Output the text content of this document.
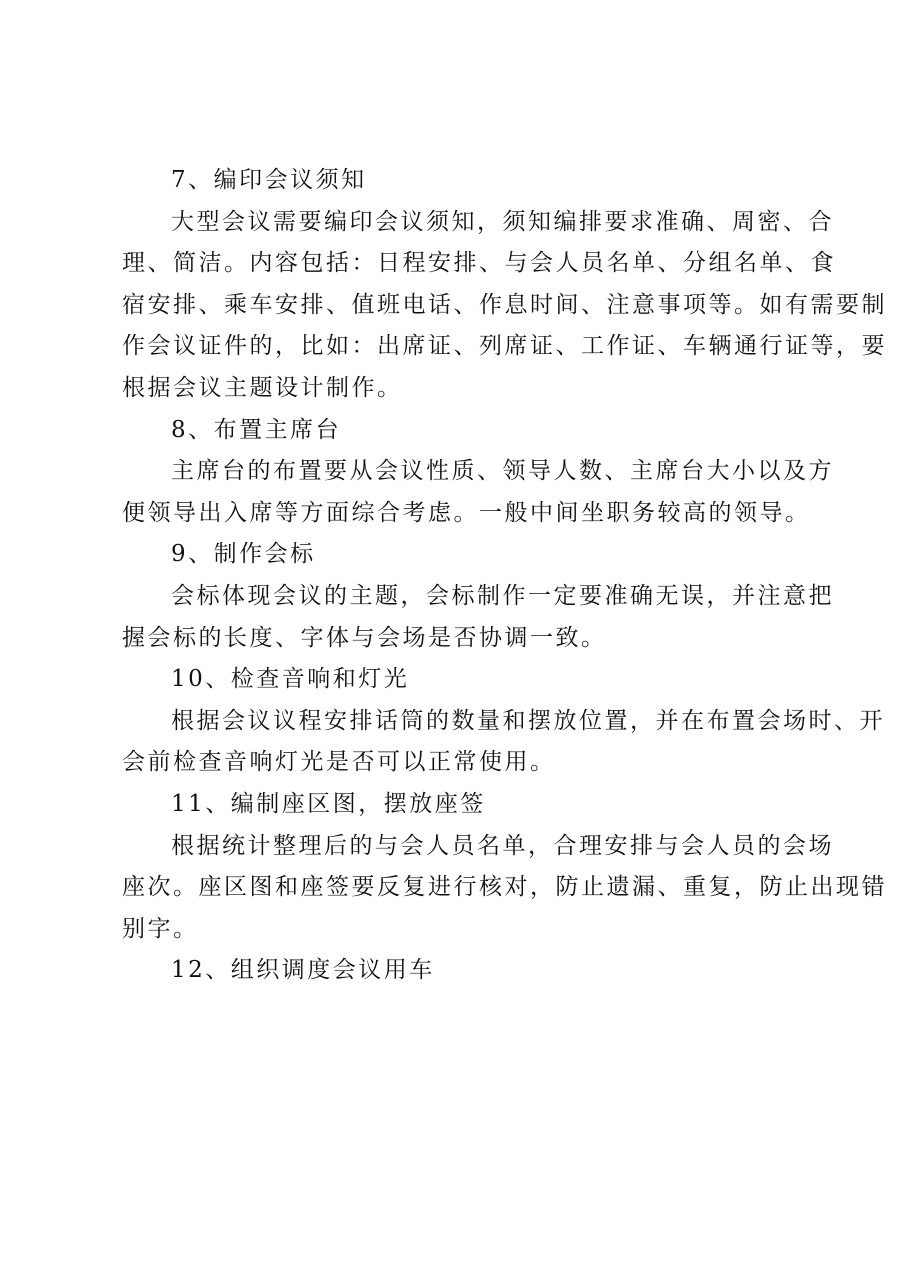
7、编印会议须知
大型会议需要编印会议须知，须知编排要求准确、周密、合
理、简洁。内容包括：日程安排、与会人员名单、分组名单、食
宿安排、乘车安排、值班电话、作息时间、注意事项等。如有需要制
作会议证件的，比如：出席证、列席证、工作证、车辆通行证等，要
根据会议主题设计制作。
8、布置主席台
主席台的布置要从会议性质、领导人数、主席台大小以及方
便领导出入席等方面综合考虑。一般中间坐职务较高的领导。
9、制作会标
会标体现会议的主题，会标制作一定要准确无误，并注意把
握会标的长度、字体与会场是否协调一致。
10、检查音响和灯光
根据会议议程安排话筒的数量和摆放位置，并在布置会场时、开
会前检查音响灯光是否可以正常使用。
11、编制座区图，摆放座签
根据统计整理后的与会人员名单，合理安排与会人员的会场
座次。座区图和座签要反复进行核对，防止遗漏、重复，防止出现错
别字。
12、组织调度会议用车
